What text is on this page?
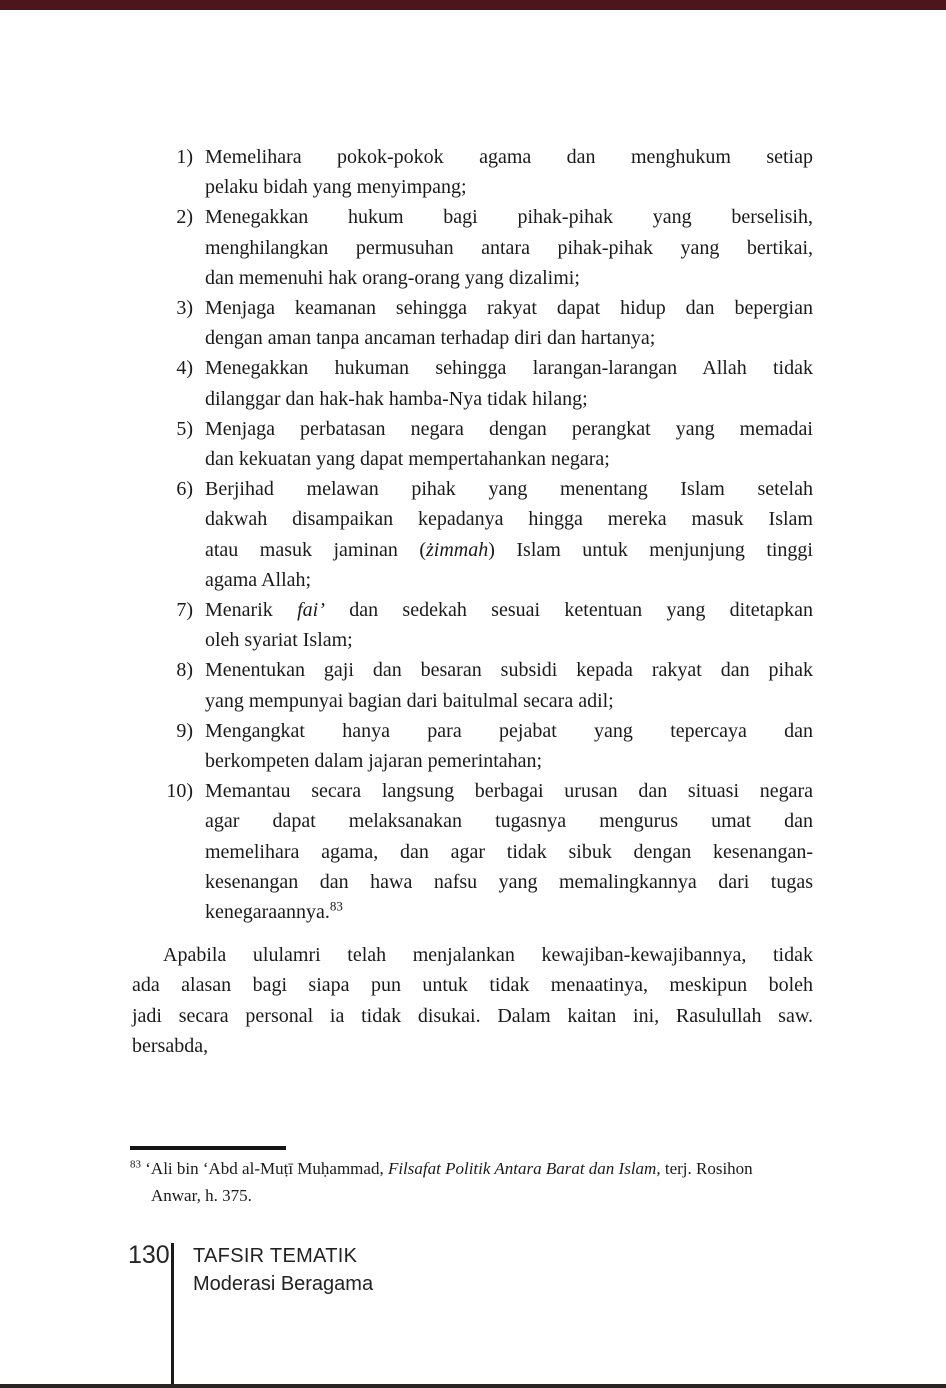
1) Memelihara pokok-pokok agama dan menghukum setiap
pelaku bidah yang menyimpang;
2) Menegakkan hukum bagi pihak-pihak yang berselisih,
menghilangkan permusuhan antara pihak-pihak yang bertikai,
dan memenuhi hak orang-orang yang dizalimi;
3) Menjaga keamanan sehingga rakyat dapat hidup dan bepergian
dengan aman tanpa ancaman terhadap diri dan hartanya;
4) Menegakkan hukuman sehingga larangan-larangan Allah tidak
dilanggar dan hak-hak hamba-Nya tidak hilang;
5) Menjaga perbatasan negara dengan perangkat yang memadai
dan kekuatan yang dapat mempertahankan negara;
6) Berjihad melawan pihak yang menentang Islam setelah
dakwah disampaikan kepadanya hingga mereka masuk Islam
atau masuk jaminan (żimmah) Islam untuk menjunjung tinggi
agama Allah;
7) Menarik fai’ dan sedekah sesuai ketentuan yang ditetapkan
oleh syariat Islam;
8) Menentukan gaji dan besaran subsidi kepada rakyat dan pihak
yang mempunyai bagian dari baitulmal secara adil;
9) Mengangkat hanya para pejabat yang tepercaya dan
berkompeten dalam jajaran pemerintahan;
10) Memantau secara langsung berbagai urusan dan situasi negara
agar dapat melaksanakan tugasnya mengurus umat dan
memelihara agama, dan agar tidak sibuk dengan kesenangan-
kesenangan dan hawa nafsu yang memalingkannya dari tugas
kenegaraannya.$^{83}$
Apabila ululamri telah menjalankan kewajiban-kewajibannya, tidak
ada alasan bagi siapa pun untuk tidak menaatinya, meskipun boleh
jadi secara personal ia tidak disukai. Dalam kaitan ini, Rasulullah saw.
bersabda,
$^{83}$ ‘Ali bin ‘Abd al-Muṭī Muḥammad, Filsafat Politik Antara Barat dan Islam, terj. Rosihon
Anwar, h. 375.
130 TAFSIR TEMATIK
Moderasi Beragama
